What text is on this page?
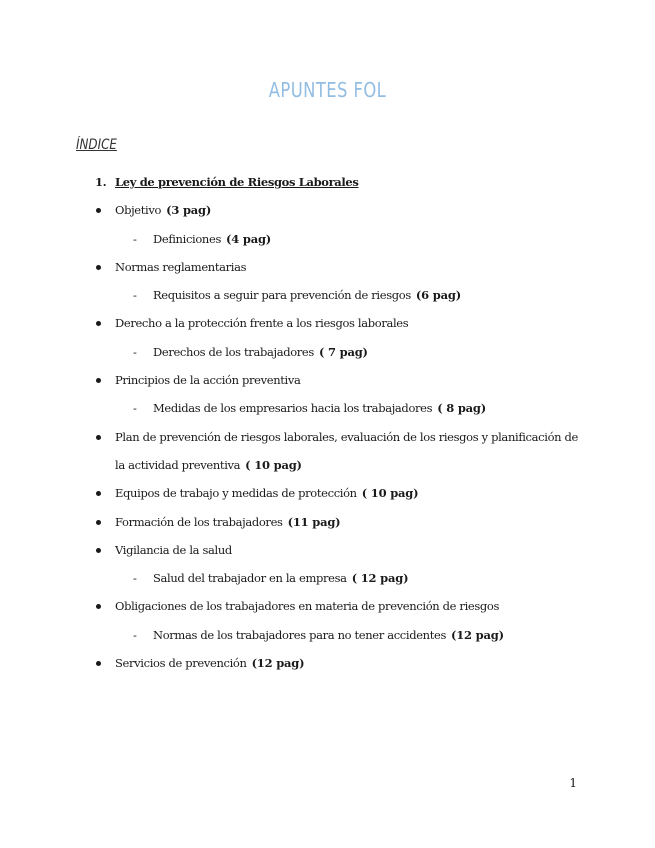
APUNTES FOL
ÍNDICE
1. Ley de prevención de Riesgos Laborales
Objetivo (3 pag)
- Definiciones (4 pag)
Normas reglamentarias
- Requisitos a seguir para prevención de riesgos (6 pag)
Derecho a la protección frente a los riesgos laborales
- Derechos de los trabajadores ( 7 pag)
Principios de la acción preventiva
- Medidas de los empresarios hacia los trabajadores ( 8 pag)
Plan de prevención de riesgos laborales, evaluación de los riesgos y planificación de la actividad preventiva ( 10 pag)
Equipos de trabajo y medidas de protección ( 10 pag)
Formación de los trabajadores (11 pag)
Vigilancia de la salud
- Salud del trabajador en la empresa ( 12 pag)
Obligaciones de los trabajadores en materia de prevención de riesgos
- Normas de los trabajadores para no tener accidentes (12 pag)
Servicios de prevención (12 pag)
1
